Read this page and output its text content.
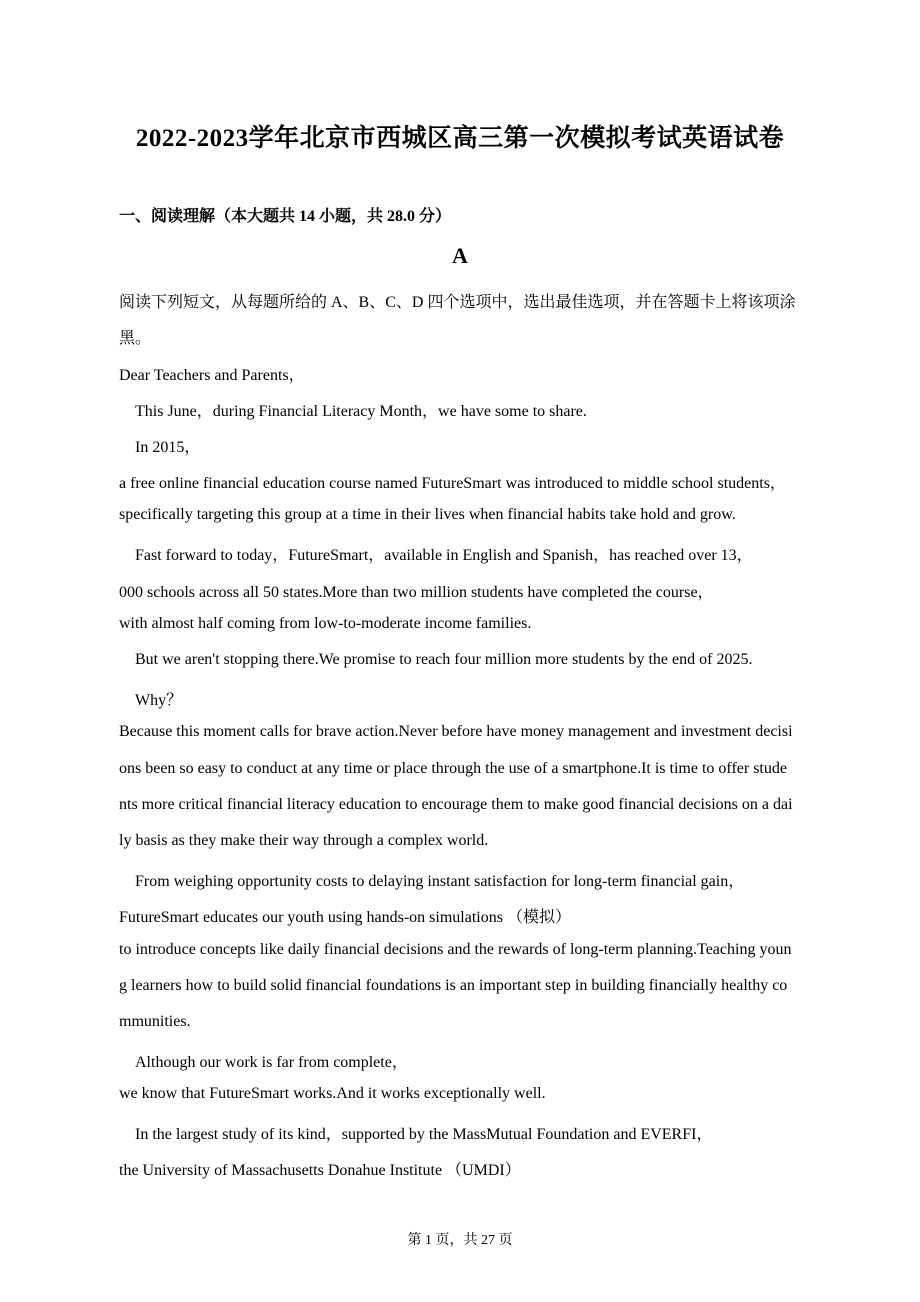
2022-2023学年北京市西城区高三第一次模拟考试英语试卷
一、阅读理解（本大题共 14 小题，共 28.0 分）
A
阅读下列短文，从每题所给的 A、B、C、D 四个选项中，选出最佳选项，并在答题卡上将该项涂
黑。
Dear Teachers and Parents，
This June，during Financial Literacy Month，we have some to share.
In 2015，
a free online financial education course named FutureSmart was introduced to middle school students，
specifically targeting this group at a time in their lives when financial habits take hold and grow.
Fast forward to today，FutureSmart，available in English and Spanish，has reached over 13，
000 schools across all 50 states.More than two million students have completed the course，
with almost half coming from low-to-moderate income families.
But we aren't stopping there.We promise to reach four million more students by the end of 2025.
Why？
Because this moment calls for brave action.Never before have money management and investment decisi
ons been so easy to conduct at any time or place through the use of a smartphone.It is time to offer stude
nts more critical financial literacy education to encourage them to make good financial decisions on a dai
ly basis as they make their way through a complex world.
From weighing opportunity costs to delaying instant satisfaction for long-term financial gain，
FutureSmart educates our youth using hands-on simulations （模拟）
to introduce concepts like daily financial decisions and the rewards of long-term planning.Teaching youn
g learners how to build solid financial foundations is an important step in building financially healthy co
mmunities.
Although our work is far from complete，
we know that FutureSmart works.And it works exceptionally well.
In the largest study of its kind，supported by the MassMutual Foundation and EVERFI，
the University of Massachusetts Donahue Institute （UMDI）
第 1 页，共 27 页
